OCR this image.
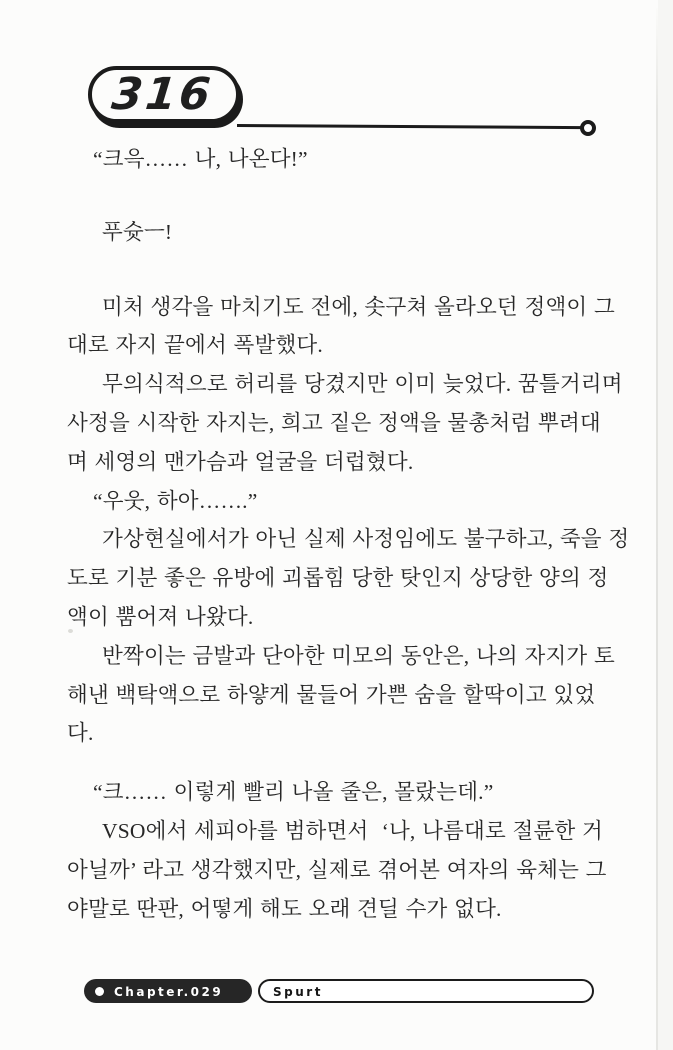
316
“크윽…… 나, 나온다!”
푸슛ㅡ!
미처 생각을 마치기도 전에, 솟구쳐 올라오던 정액이 그
대로 자지 끝에서 폭발했다.
무의식적으로 허리를 당겼지만 이미 늦었다. 꿈틀거리며
사정을 시작한 자지는, 희고 짙은 정액을 물총처럼 뿌려대
며 세영의 맨가슴과 얼굴을 더럽혔다.
“우웃, 하아…….”
가상현실에서가 아닌 실제 사정임에도 불구하고, 죽을 정
도로 기분 좋은 유방에 괴롭힘 당한 탓인지 상당한 양의 정
액이 뿜어져 나왔다.
반짝이는 금발과 단아한 미모의 동안은, 나의 자지가 토
해낸 백탁액으로 하얗게 물들어 가쁜 숨을 할딱이고 있었
다.
“크…… 이렇게 빨리 나올 줄은, 몰랐는데.”
VSO에서 세피아를 범하면서  ‘나, 나름대로 절륜한 거
아닐까’ 라고 생각했지만, 실제로 겪어본 여자의 육체는 그
야말로 딴판, 어떻게 해도 오래 견딜 수가 없다.
Chapter.029	Spurt
